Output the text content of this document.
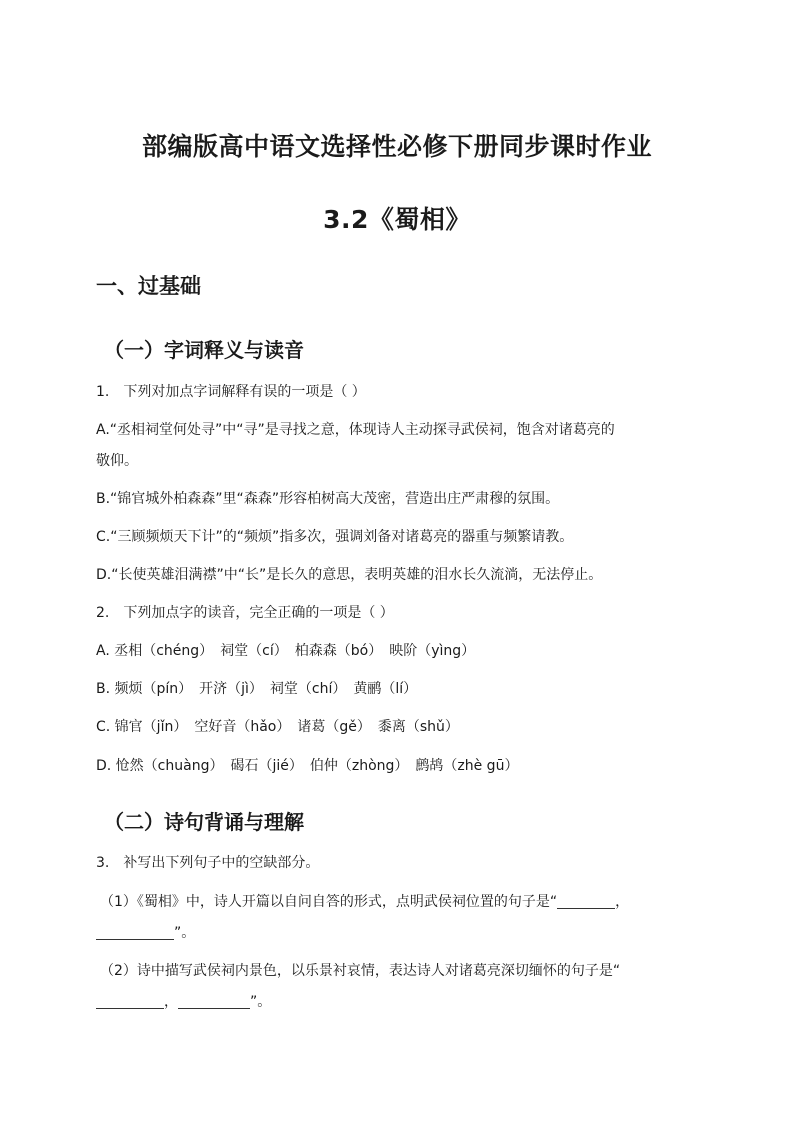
部编版高中语文选择性必修下册同步课时作业
3.2《蜀相》
一、过基础
（一）字词释义与读音
1.　下列对加点字词解释有误的一项是（ ）
A.“丞相祠堂何处寻”中“寻”是寻找之意，体现诗人主动探寻武侯祠，饱含对诸葛亮的
敬仰。
B.“锦官城外柏森森”里“森森”形容柏树高大茂密，营造出庄严肃穆的氛围。
C.“三顾频烦天下计”的“频烦”指多次，强调刘备对诸葛亮的器重与频繁请教。
D.“长使英雄泪满襟”中“长”是长久的意思，表明英雄的泪水长久流淌，无法停止。
2.　下列加点字的读音，完全正确的一项是（ ）
A. 丞相（chéng）　祠堂（cí）　柏森森（bó）　映阶（yìng）
B. 频烦（pín）　开济（jì）　祠堂（chí）　黄鹂（lí）
C. 锦官（jǐn）　空好音（hǎo）　诸葛（gě）　黍离（shǔ）
D. 怆然（chuàng）　碣石（jié）　伯仲（zhòng）　鹧鸪（zhè gū）
（二）诗句背诵与理解
3.　补写出下列句子中的空缺部分。
（1）《蜀相》中，诗人开篇以自问自答的形式，点明武侯祠位置的句子是“	，
”。
（2）诗中描写武侯祠内景色，以乐景衬哀情，表达诗人对诸葛亮深切缅怀的句子是“
，	”。
